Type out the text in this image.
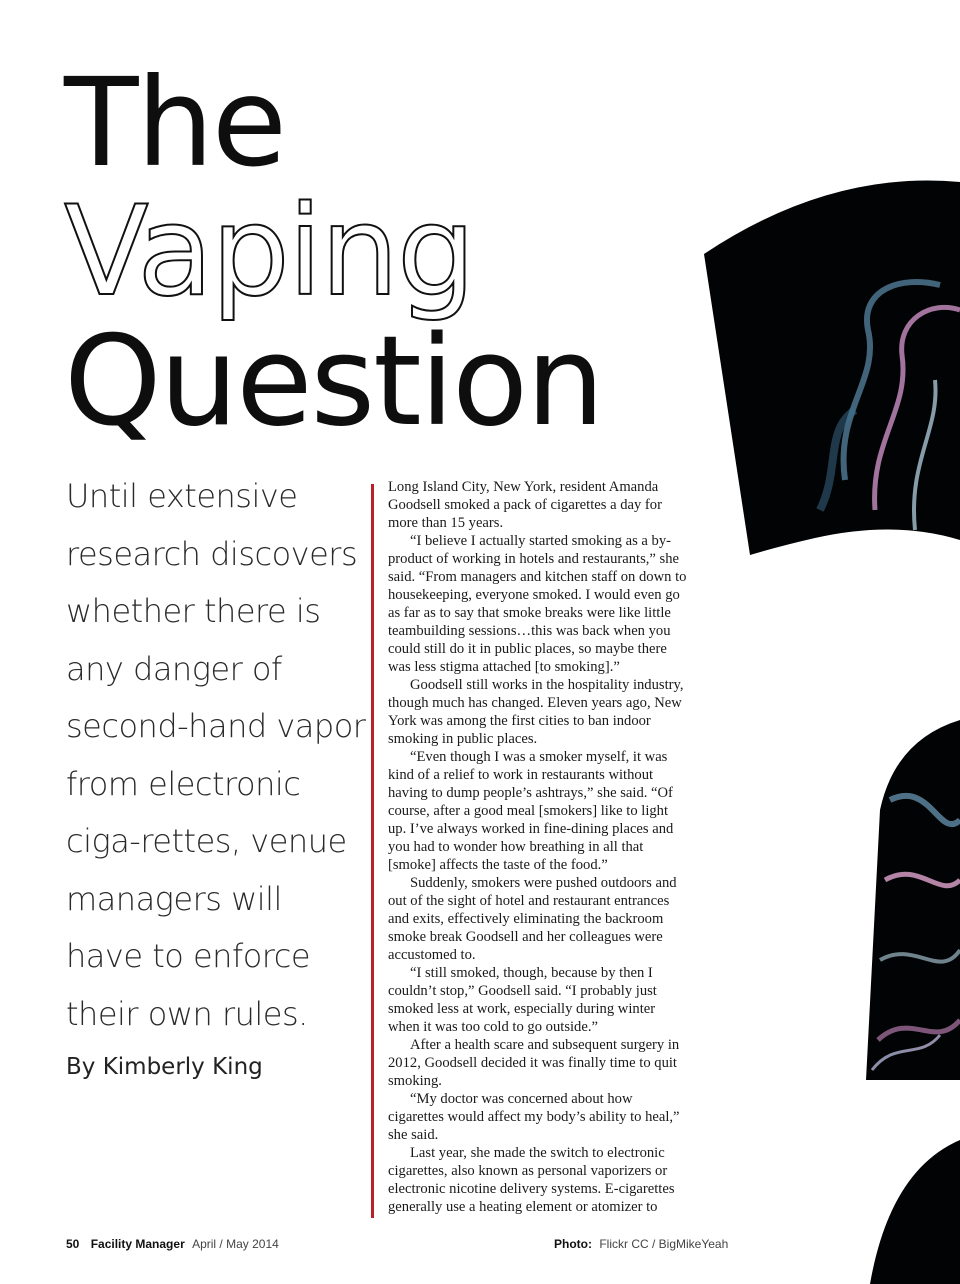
The
Vaping
Question

Until extensive research discovers whether there is any danger of second-hand vapor from electronic ciga-rettes, venue managers will have to enforce their own rules.

By Kimberly King

Long Island City, New York, resident Amanda Goodsell smoked a pack of cigarettes a day for more than 15 years.

“I believe I actually started smoking as a by-product of working in hotels and restaurants,” she said. “From managers and kitchen staff on down to housekeeping, everyone smoked. I would even go as far as to say that smoke breaks were like little teambuilding sessions…this was back when you could still do it in public places, so maybe there was less stigma attached [to smoking].”

Goodsell still works in the hospitality industry, though much has changed. Eleven years ago, New York was among the first cities to ban indoor smoking in public places.

“Even though I was a smoker myself, it was kind of a relief to work in restaurants without having to dump people’s ashtrays,” she said. “Of course, after a good meal [smokers] like to light up. I’ve always worked in fine-dining places and you had to wonder how breathing in all that [smoke] affects the taste of the food.”

Suddenly, smokers were pushed outdoors and out of the sight of hotel and restaurant entrances and exits, effectively eliminating the backroom smoke break Goodsell and her colleagues were accustomed to.

“I still smoked, though, because by then I couldn’t stop,” Goodsell said. “I probably just smoked less at work, especially during winter when it was too cold to go outside.”

After a health scare and subsequent surgery in 2012, Goodsell decided it was finally time to quit smoking.

“My doctor was concerned about how cigarettes would affect my body’s ability to heal,” she said.

Last year, she made the switch to electronic cigarettes, also known as personal vaporizers or electronic nicotine delivery systems. E-cigarettes generally use a heating element or atomizer to

50 Facility Manager April / May 2014	Photo: Flickr CC / BigMikeYeah
